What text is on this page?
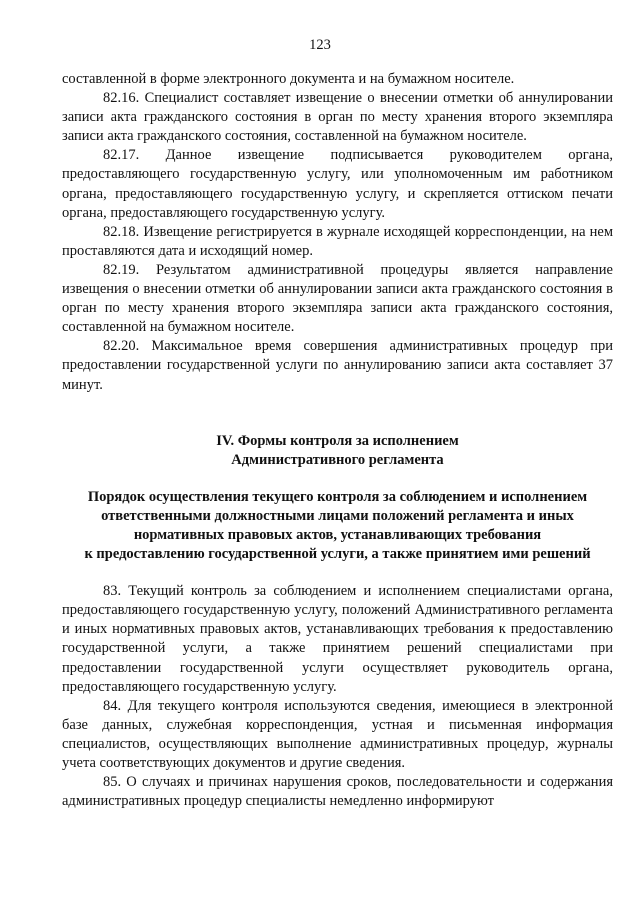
123

составленной в форме электронного документа и на бумажном носителе.

82.16. Специалист составляет извещение о внесении отметки об аннулировании записи акта гражданского состояния в орган по месту хранения второго экземпляра записи акта гражданского состояния, составленной на бумажном носителе.

82.17. Данное извещение подписывается руководителем органа, предоставляющего государственную услугу, или уполномоченным им работником органа, предоставляющего государственную услугу, и скрепляется оттиском печати органа, предоставляющего государственную услугу.

82.18. Извещение регистрируется в журнале исходящей корреспонденции, на нем проставляются дата и исходящий номер.

82.19. Результатом административной процедуры является направление извещения о внесении отметки об аннулировании записи акта гражданского состояния в орган по месту хранения второго экземпляра записи акта гражданского состояния, составленной на бумажном носителе.

82.20. Максимальное время совершения административных процедур при предоставлении государственной услуги по аннулированию записи акта составляет 37 минут.

IV. Формы контроля за исполнением
Административного регламента
Порядок осуществления текущего контроля за соблюдением и исполнением
ответственными должностными лицами положений регламента и иных
нормативных правовых актов, устанавливающих требования
к предоставлению государственной услуги, а также принятием ими решений

83. Текущий контроль за соблюдением и исполнением специалистами органа, предоставляющего государственную услугу, положений Административного регламента и иных нормативных правовых актов, устанавливающих требования к предоставлению государственной услуги, а также принятием решений специалистами при предоставлении государственной услуги осуществляет руководитель органа, предоставляющего государственную услугу.

84. Для текущего контроля используются сведения, имеющиеся в электронной базе данных, служебная корреспонденция, устная и письменная информация специалистов, осуществляющих выполнение административных процедур, журналы учета соответствующих документов и другие сведения.

85. О случаях и причинах нарушения сроков, последовательности и содержания административных процедур специалисты немедленно информируют
